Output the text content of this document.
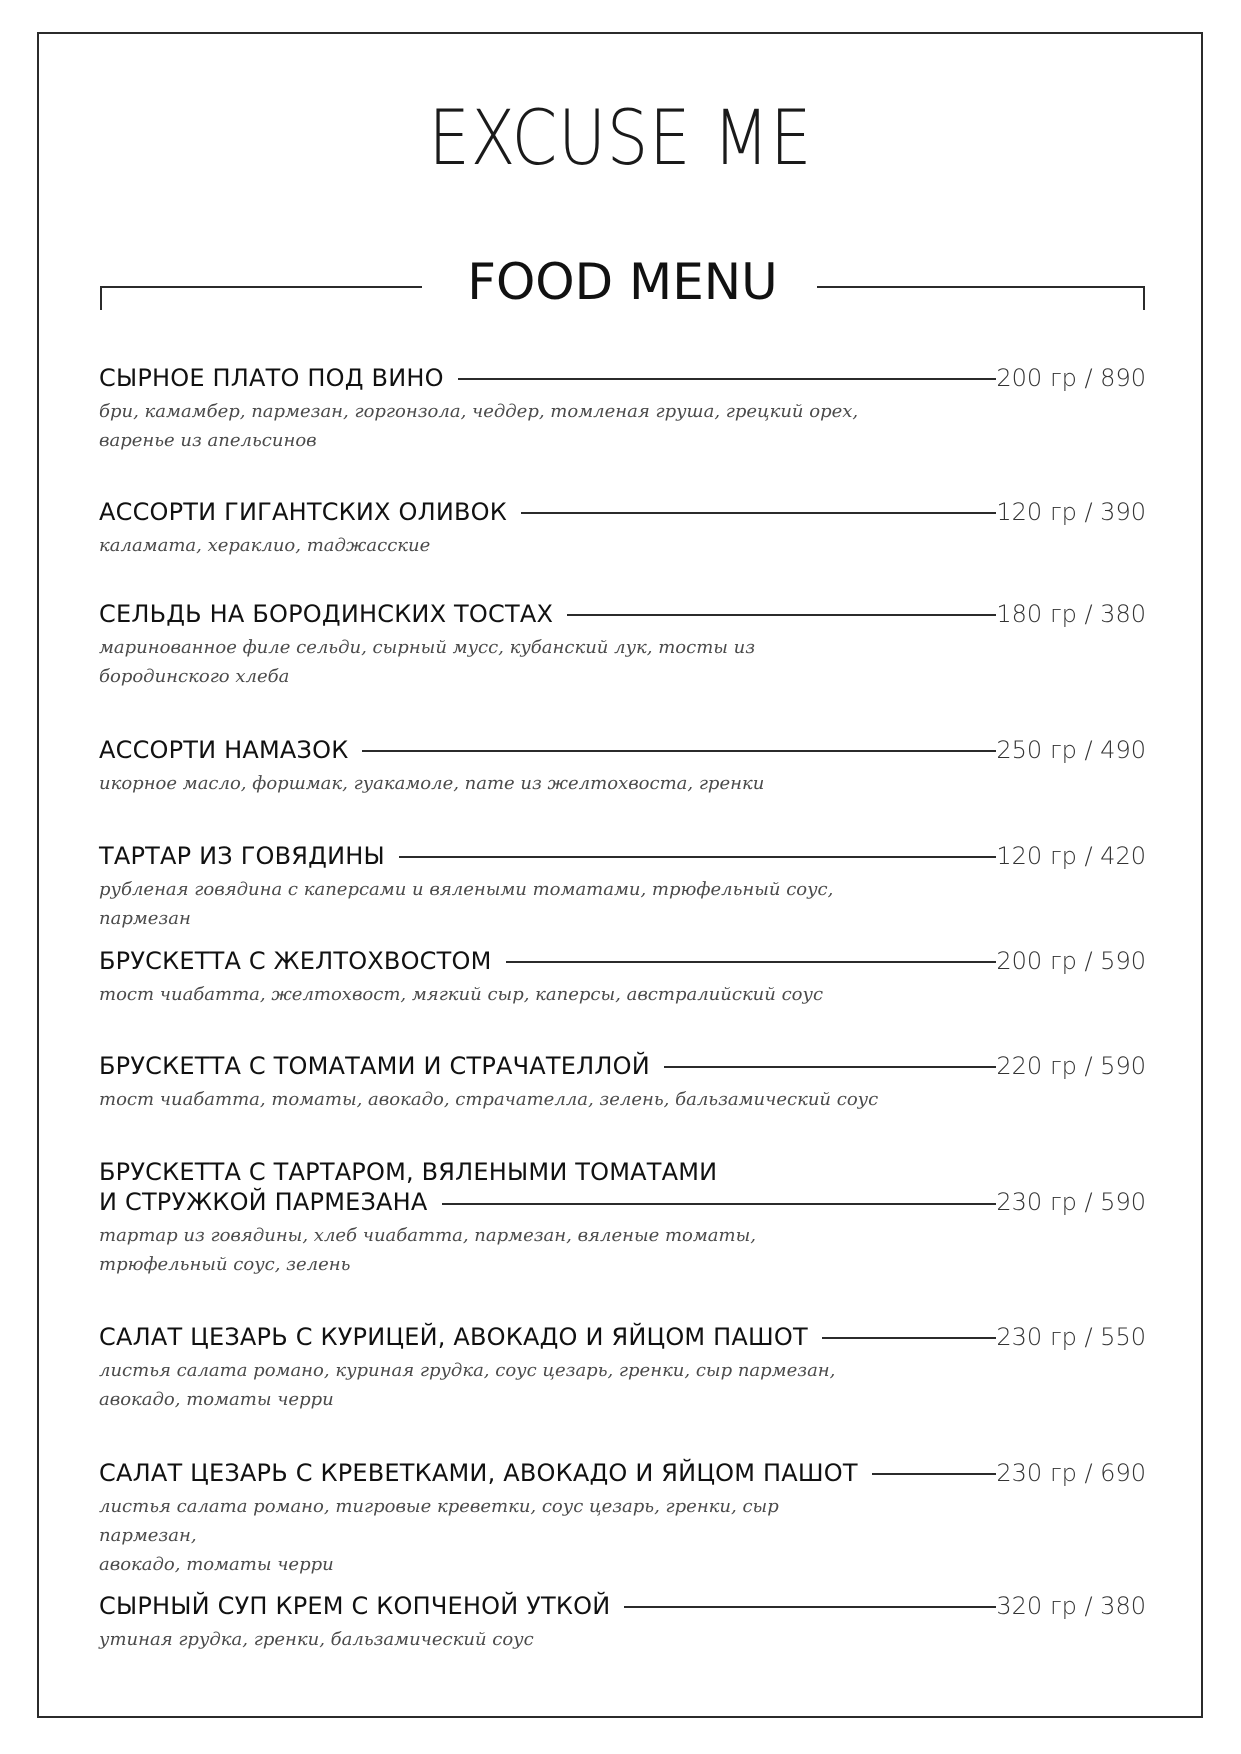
EXCUSE ME
FOOD MENU
СЫРНОЕ ПЛАТО ПОД ВИНО	200 гр / 890
бри, камамбер, пармезан, горгонзола, чеддер, томленая груша, грецкий орех,
варенье из апельсинов
АССОРТИ ГИГАНТСКИХ ОЛИВОК	120 гр / 390
каламата, хераклио, таджасские
СЕЛЬДЬ НА БОРОДИНСКИХ ТОСТАХ	180 гр / 380
маринованное филе сельди, сырный мусс, кубанский лук, тосты из
бородинского хлеба
АССОРТИ НАМАЗОК	250 гр / 490
икорное масло, форшмак, гуакамоле, пате из желтохвоста, гренки
ТАРТАР ИЗ ГОВЯДИНЫ	120 гр / 420
рубленая говядина с каперсами и вялеными томатами, трюфельный соус, пармезан
БРУСКЕТТА С ЖЕЛТОХВОСТОМ	200 гр / 590
тост чиабатта, желтохвост, мягкий сыр, каперсы, австралийский соус
БРУСКЕТТА С ТОМАТАМИ И СТРАЧАТЕЛЛОЙ	220 гр / 590
тост чиабатта, томаты, авокадо, страчателла, зелень, бальзамический соус
БРУСКЕТТА С ТАРТАРОМ, ВЯЛЕНЫМИ ТОМАТАМИ
И СТРУЖКОЙ ПАРМЕЗАНА	230 гр / 590
тартар из говядины, хлеб чиабатта, пармезан, вяленые томаты,
трюфельный соус, зелень
САЛАТ ЦЕЗАРЬ С КУРИЦЕЙ, АВОКАДО И ЯЙЦОМ ПАШОТ	230 гр / 550
листья салата романо, куриная грудка, соус цезарь, гренки, сыр пармезан,
авокадо, томаты черри
САЛАТ ЦЕЗАРЬ С КРЕВЕТКАМИ, АВОКАДО И ЯЙЦОМ ПАШОТ	230 гр / 690
листья салата романо, тигровые креветки, соус цезарь, гренки, сыр пармезан,
авокадо, томаты черри
СЫРНЫЙ СУП КРЕМ С КОПЧЕНОЙ УТКОЙ	320 гр / 380
утиная грудка, гренки, бальзамический соус
